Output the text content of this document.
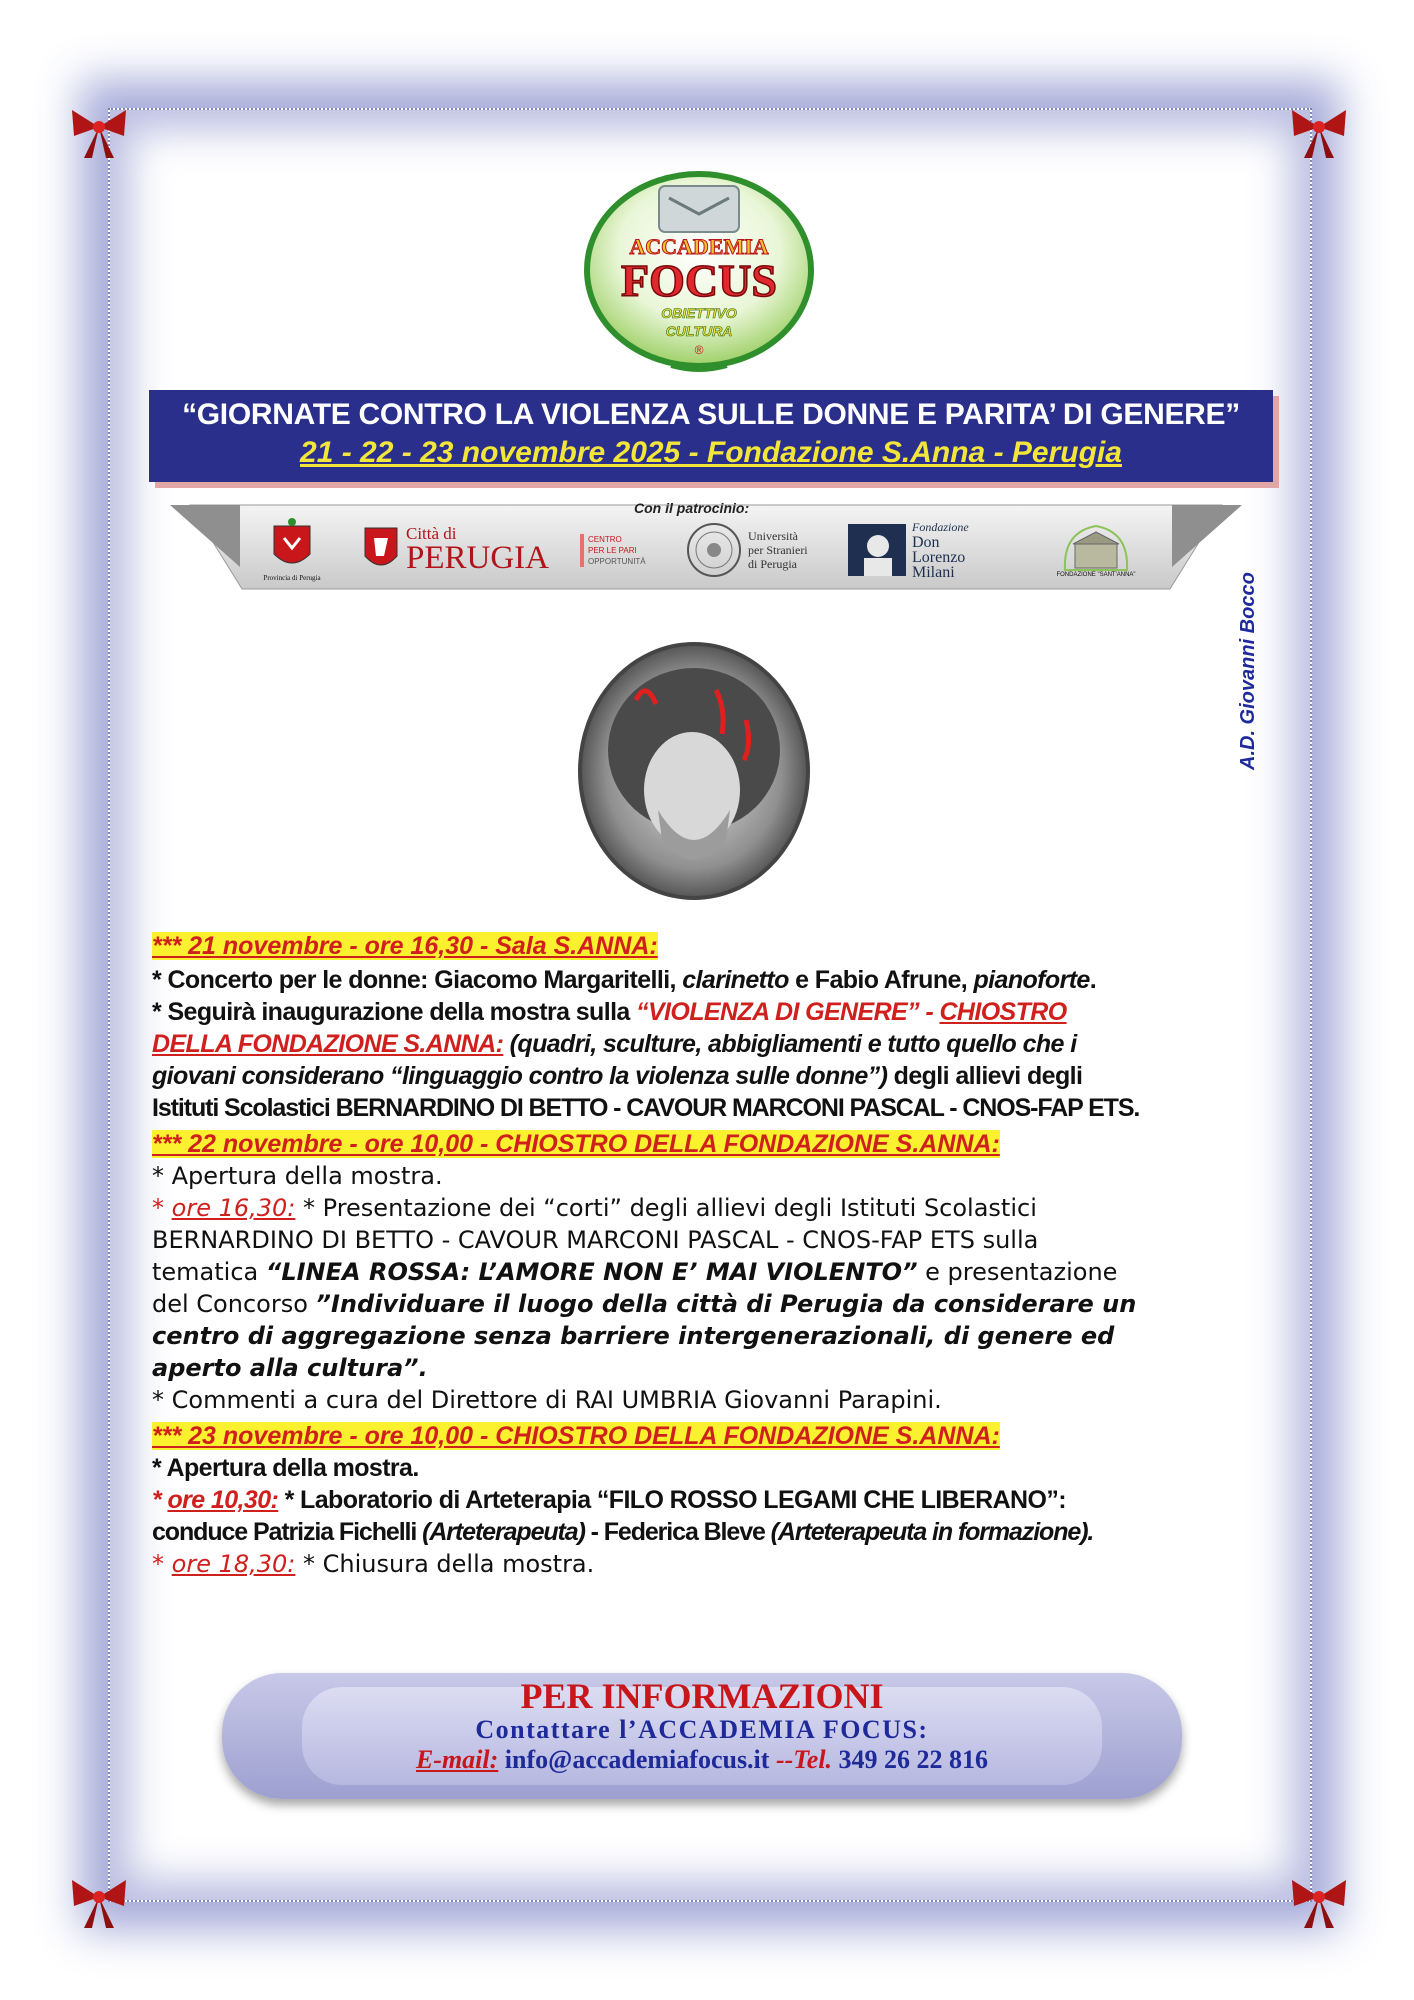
ACCADEMIA
FOCUS
OBIETTIVO
CULTURA
®
“GIORNATE CONTRO LA VIOLENZA SULLE DONNE E PARITA’ DI GENERE”
21 - 22 - 23 novembre 2025 - Fondazione S.Anna - Perugia
Con il patrocinio:
Provincia di Perugia
Città di
PERUGIA
CENTRO
PER LE PARI
OPPORTUNITÀ
Università
per Stranieri
di Perugia
Fondazione
Don
Lorenzo
Milani	FONDAZIONE "SANT'ANNA"	A.D. Giovanni Bocco
*** 21 novembre - ore 16,30 - Sala S.ANNA:
* Concerto per le donne: Giacomo Margaritelli, clarinetto e Fabio Afrune, pianoforte.
* Seguirà inaugurazione della mostra sulla “VIOLENZA DI GENERE” - CHIOSTRO
DELLA FONDAZIONE S.ANNA: (quadri, sculture, abbigliamenti e tutto quello che i
giovani considerano “linguaggio contro la violenza sulle donne”) degli allievi degli
Istituti Scolastici BERNARDINO DI BETTO - CAVOUR MARCONI PASCAL - CNOS-FAP ETS.
*** 22 novembre - ore 10,00 - CHIOSTRO DELLA FONDAZIONE S.ANNA:
* Apertura della mostra.
* ore 16,30: * Presentazione dei “corti” degli allievi degli Istituti Scolastici
BERNARDINO DI BETTO - CAVOUR MARCONI PASCAL - CNOS-FAP ETS sulla
tematica “LINEA ROSSA: L’AMORE NON E’ MAI VIOLENTO” e presentazione
del Concorso ”Individuare il luogo della città di Perugia da considerare un
centro di aggregazione senza barriere intergenerazionali, di genere ed
aperto alla cultura”.
* Commenti a cura del Direttore di RAI UMBRIA Giovanni Parapini.
*** 23 novembre - ore 10,00 - CHIOSTRO DELLA FONDAZIONE S.ANNA:
* Apertura della mostra.
* ore 10,30: * Laboratorio di Arteterapia “FILO ROSSO LEGAMI CHE LIBERANO”:
conduce Patrizia Fichelli (Arteterapeuta) - Federica Bleve (Arteterapeuta in formazione).
* ore 18,30: * Chiusura della mostra.
PER INFORMAZIONI
Contattare l’ACCADEMIA FOCUS:
E-mail: info@accademiafocus.it --Tel. 349 26 22 816
